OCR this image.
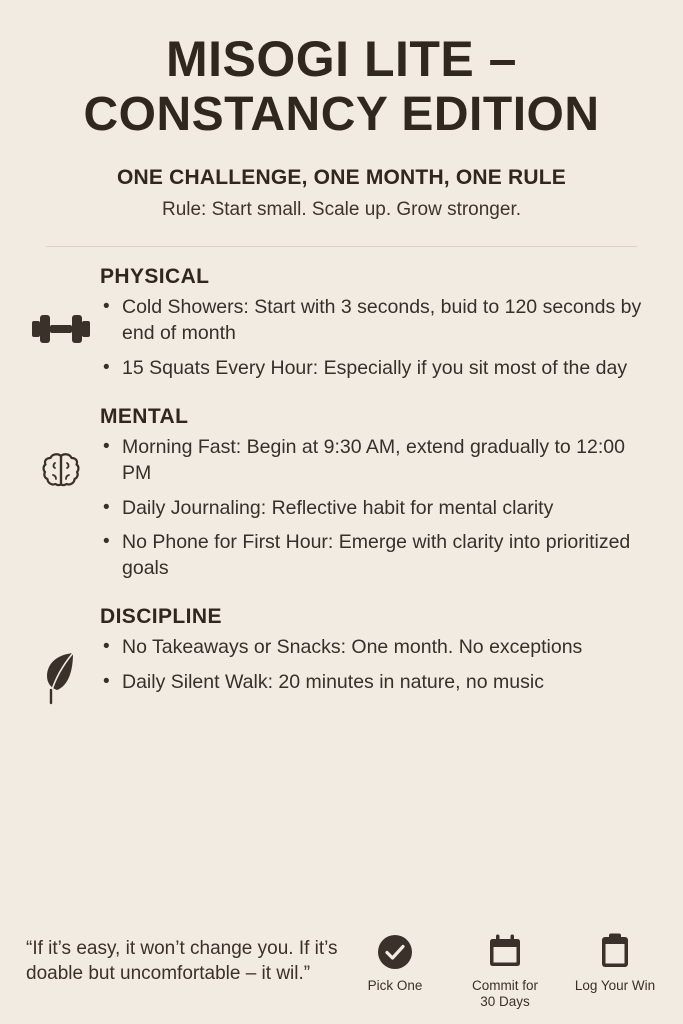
MISOGI LITE –
CONSTANCY EDITION
ONE CHALLENGE, ONE MONTH, ONE RULE
Rule: Start small. Scale up. Grow stronger.
PHYSICAL
• Cold Showers: Start with 3 seconds, buid to 120 seconds by end of month
• 15 Squats Every Hour: Especially if you sit most of the day
MENTAL
• Morning Fast: Begin at 9:30 AM, extend gradually to 12:00 PM
• Daily Journaling: Reflective habit for mental clarity
• No Phone for First Hour: Emerge with clarity into prioritized goals
DISCIPLINE
• No Takeaways or Snacks: One month. No exceptions
• Daily Silent Walk: 20 minutes in nature, no music
“If it’s easy, it won’t change you. If it’s doable but uncomfortable – it wil.”
Pick One	Commit for 30 Days
Log Your Win
